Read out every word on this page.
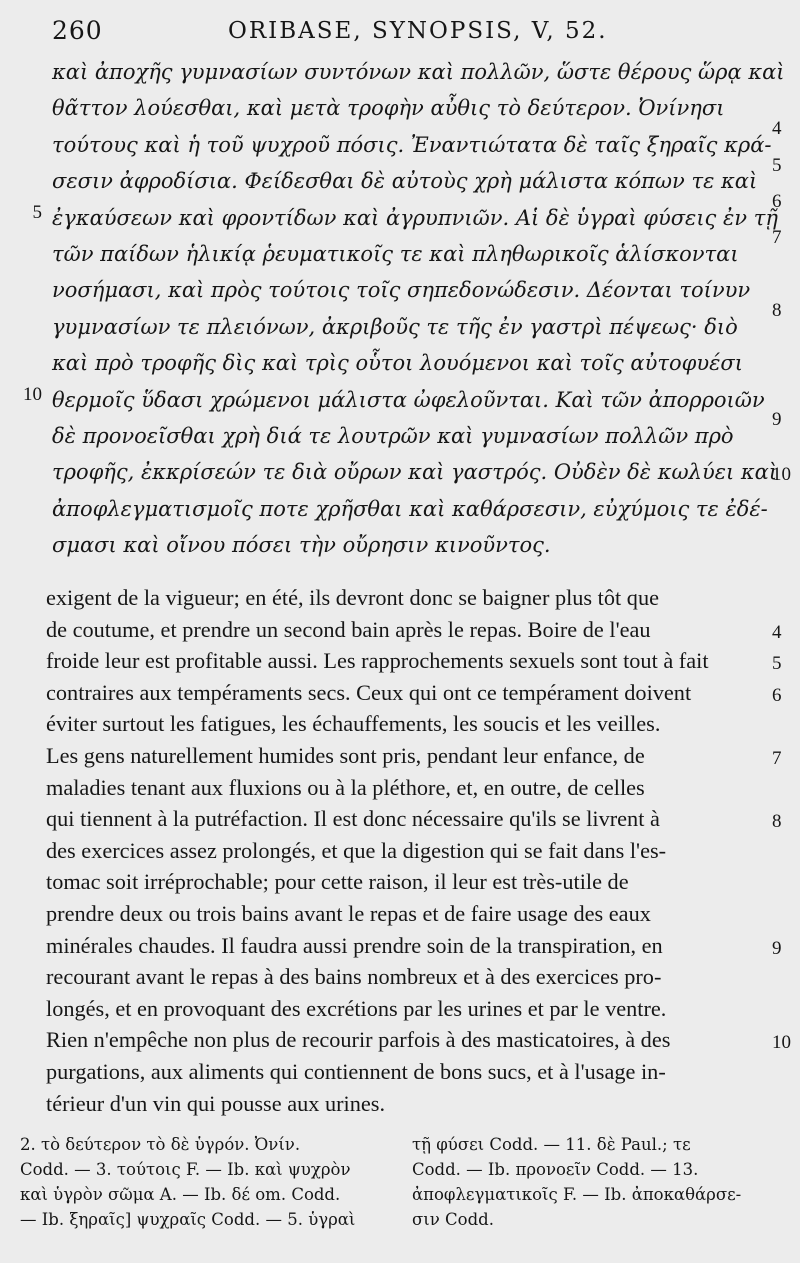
260	ORIBASE, SYNOPSIS, V, 52.
καὶ ἀποχῆς γυμνασίων συντόνων καὶ πολλῶν, ὥστε θέρους ὥρᾳ καὶ
θᾶττον λούεσθαι, καὶ μετὰ τροφὴν αὖθις τὸ δεύτερον. Ὀνίνησι
τούτους καὶ ἡ τοῦ ψυχροῦ πόσις. Ἐναντιώτατα δὲ ταῖς ξηραῖς κρά-
σεσιν ἀφροδίσια. Φείδεσθαι δὲ αὐτοὺς χρὴ μάλιστα κόπων τε καὶ
ἐγκαύσεων καὶ φροντίδων καὶ ἀγρυπνιῶν. Αἱ δὲ ὑγραὶ φύσεις ἐν τῇ
τῶν παίδων ἡλικίᾳ ῥευματικοῖς τε καὶ πληθωρικοῖς ἁλίσκονται
νοσήμασι, καὶ πρὸς τούτοις τοῖς σηπεδονώδεσιν. Δέονται τοίνυν
γυμνασίων τε πλειόνων, ἀκριβοῦς τε τῆς ἐν γαστρὶ πέψεως· διὸ
καὶ πρὸ τροφῆς δὶς καὶ τρὶς οὗτοι λουόμενοι καὶ τοῖς αὐτοφυέσι
θερμοῖς ὕδασι χρώμενοι μάλιστα ὠφελοῦνται. Καὶ τῶν ἀπορροιῶν
δὲ προνοεῖσθαι χρὴ διά τε λουτρῶν καὶ γυμνασίων πολλῶν πρὸ
τροφῆς, ἐκκρίσεών τε διὰ οὔρων καὶ γαστρός. Οὐδὲν δὲ κωλύει καὶ
ἀποφλεγματισμοῖς ποτε χρῆσθαι καὶ καθάρσεσιν, εὐχύμοις τε ἐδέ-
σμασι καὶ οἴνου πόσει τὴν οὔρησιν κινοῦντος.
exigent de la vigueur; en été, ils devront donc se baigner plus tôt que
de coutume, et prendre un second bain après le repas. Boire de l'eau
froide leur est profitable aussi. Les rapprochements sexuels sont tout à fait
contraires aux tempéraments secs. Ceux qui ont ce tempérament doivent
éviter surtout les fatigues, les échauffements, les soucis et les veilles.
Les gens naturellement humides sont pris, pendant leur enfance, de
maladies tenant aux fluxions ou à la pléthore, et, en outre, de celles
qui tiennent à la putréfaction. Il est donc nécessaire qu'ils se livrent à
des exercices assez prolongés, et que la digestion qui se fait dans l'es-
tomac soit irréprochable; pour cette raison, il leur est très-utile de
prendre deux ou trois bains avant le repas et de faire usage des eaux
minérales chaudes. Il faudra aussi prendre soin de la transpiration, en
recourant avant le repas à des bains nombreux et à des exercices pro-
longés, et en provoquant des excrétions par les urines et par le ventre.
Rien n'empêche non plus de recourir parfois à des masticatoires, à des
purgations, aux aliments qui contiennent de bons sucs, et à l'usage in-
térieur d'un vin qui pousse aux urines.
2. τὸ δεύτερον τὸ δὲ ὑγρόν. Ὀνίν.
Codd. — 3. τούτοις F. — Ib. καὶ ψυχρὸν
καὶ ὑγρὸν σῶμα A. — Ib. δέ om. Codd.
— Ib. ξηραῖς] ψυχραῖς Codd. — 5. ὑγραὶ
τῇ φύσει Codd. — 11. δὲ Paul.; τε
Codd. — Ib. προνοεῖν Codd. — 13.
ἀποφλεγματικοῖς F. — Ib. ἀποκαθάρσε-
σιν Codd.
5
10
4
5
6
7
8
9
10
4
5
6
7
8
9
10
